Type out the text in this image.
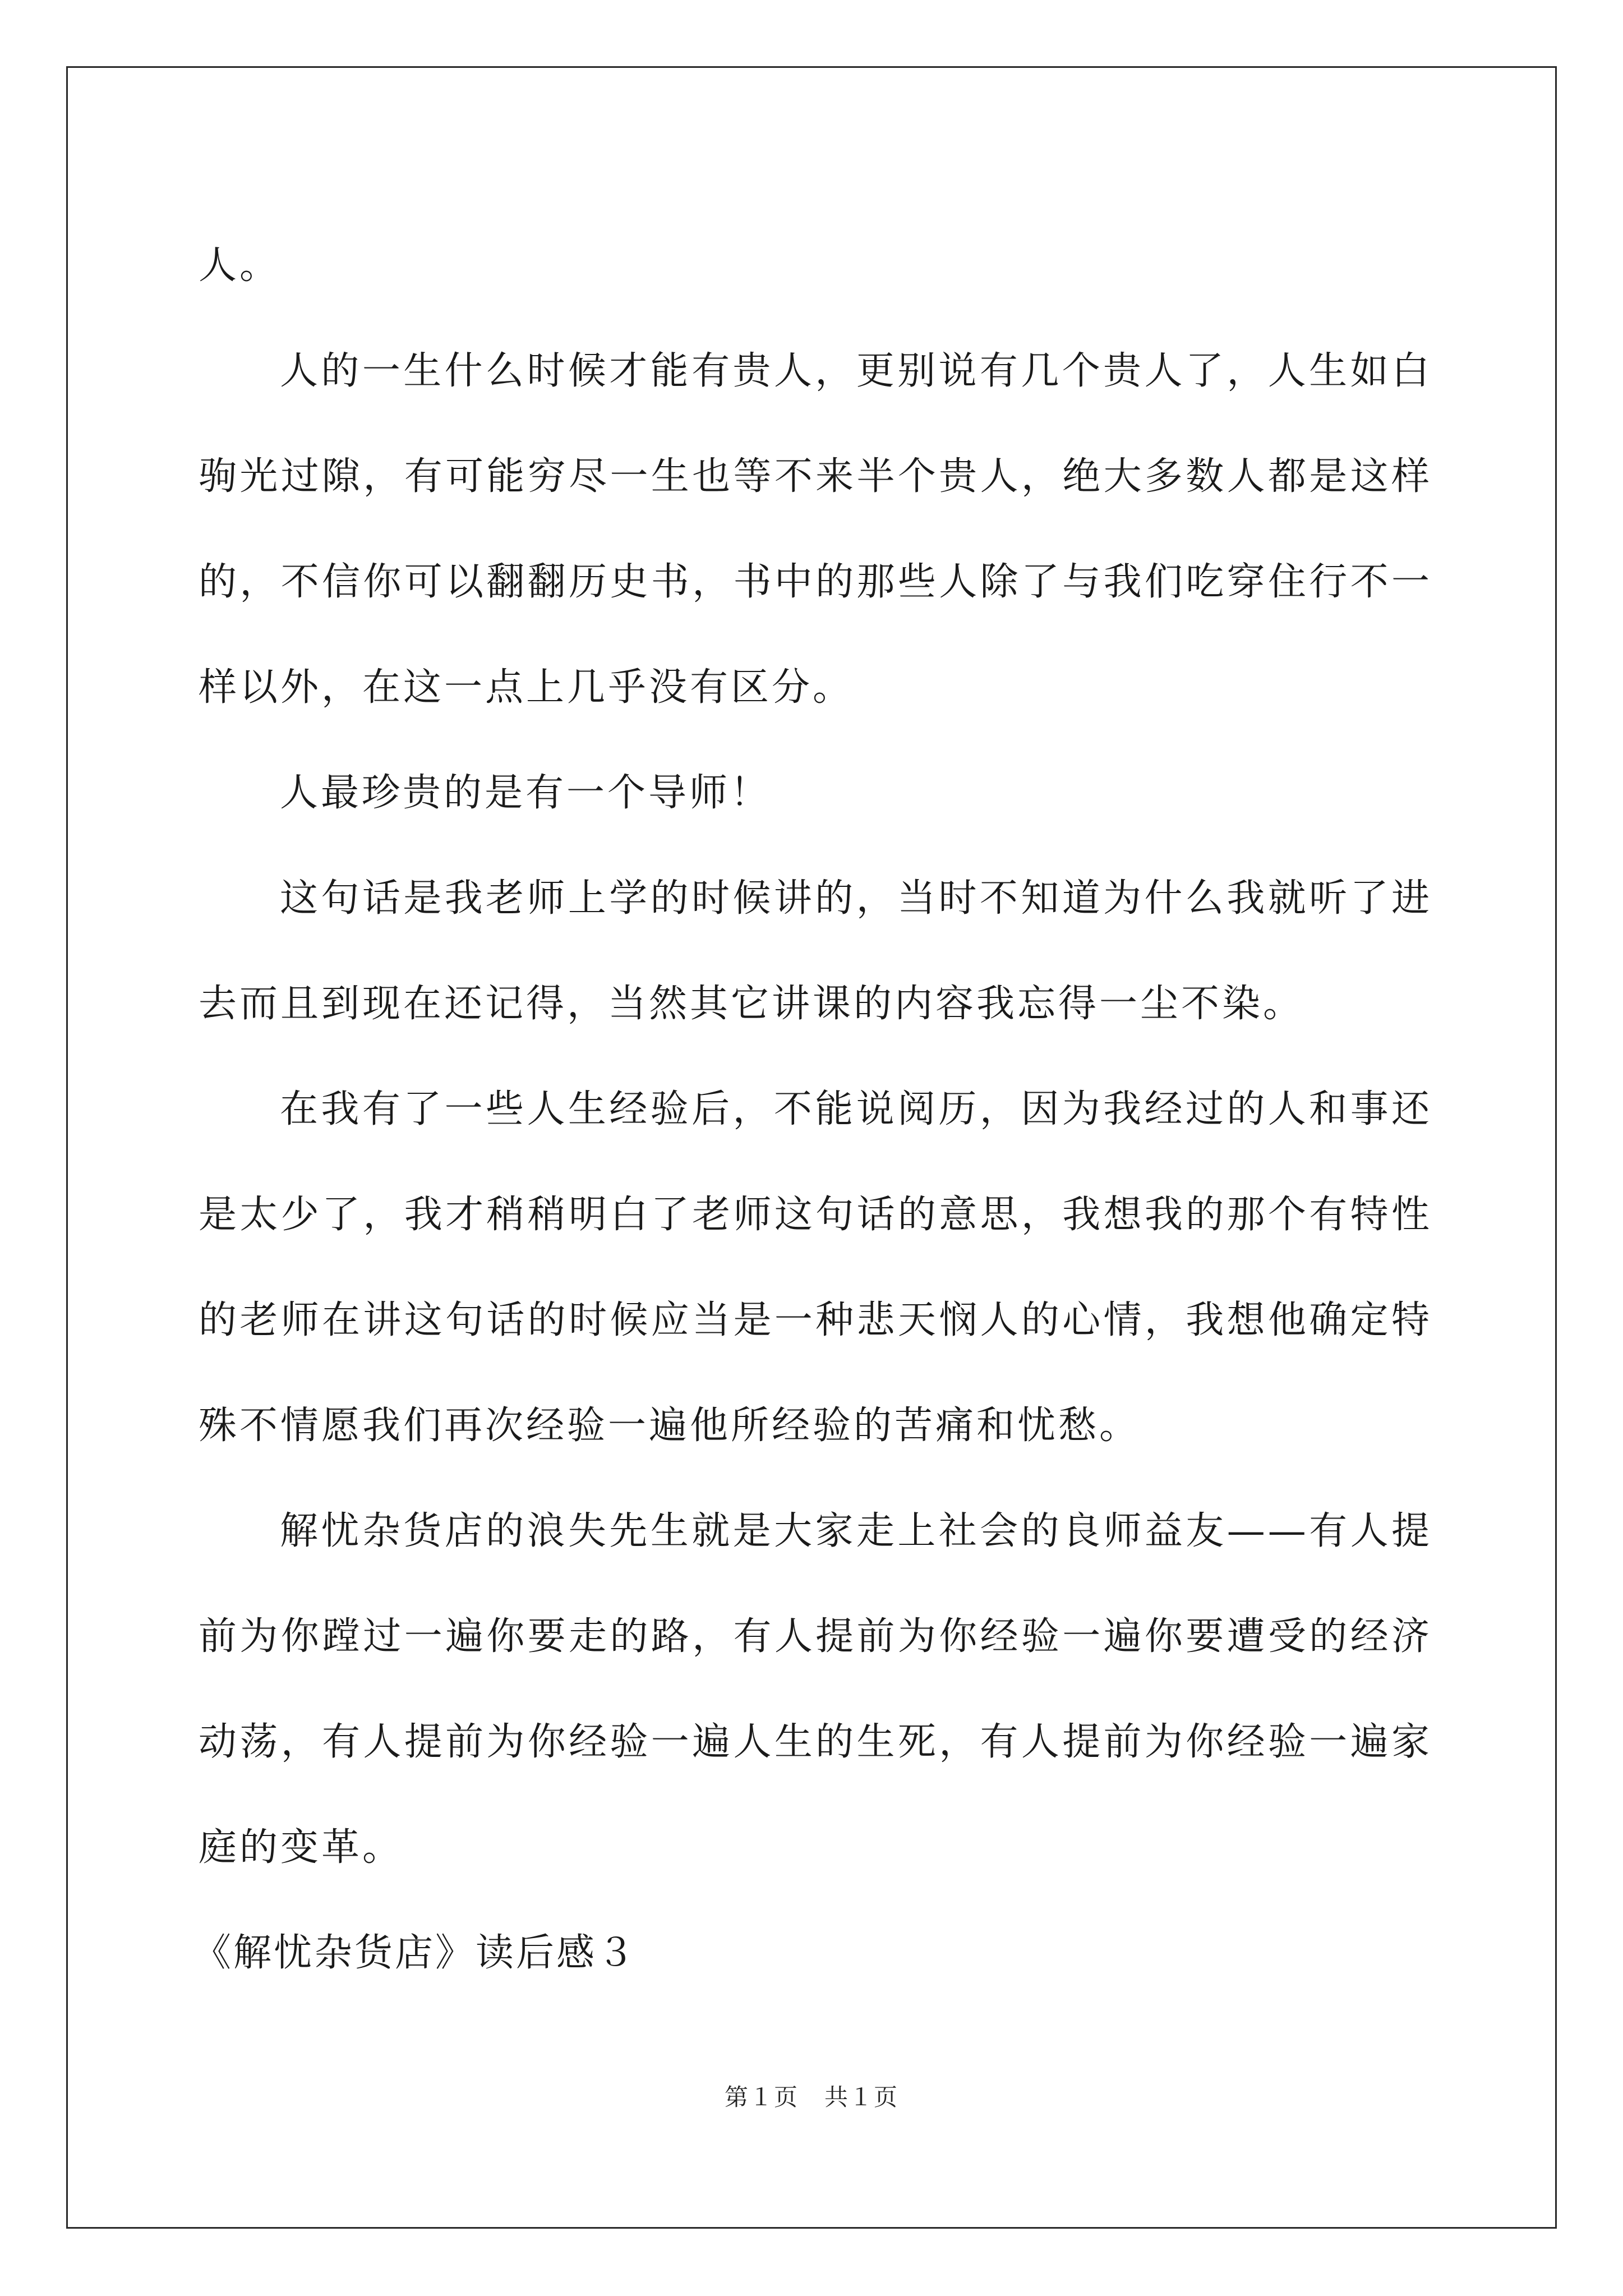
人。

人的一生什么时候才能有贵人，更别说有几个贵人了，人生如白驹光过隙，有可能穷尽一生也等不来半个贵人，绝大多数人都是这样的，不信你可以翻翻历史书，书中的那些人除了与我们吃穿住行不一样以外，在这一点上几乎没有区分。

人最珍贵的是有一个导师！

这句话是我老师上学的时候讲的，当时不知道为什么我就听了进去而且到现在还记得，当然其它讲课的内容我忘得一尘不染。

在我有了一些人生经验后，不能说阅历，因为我经过的人和事还是太少了，我才稍稍明白了老师这句话的意思，我想我的那个有特性的老师在讲这句话的时候应当是一种悲天悯人的心情，我想他确定特殊不情愿我们再次经验一遍他所经验的苦痛和忧愁。

解忧杂货店的浪失先生就是大家走上社会的良师益友——有人提前为你蹚过一遍你要走的路，有人提前为你经验一遍你要遭受的经济动荡，有人提前为你经验一遍人生的生死，有人提前为你经验一遍家庭的变革。

《解忧杂货店》读后感３

第１页 共１页
